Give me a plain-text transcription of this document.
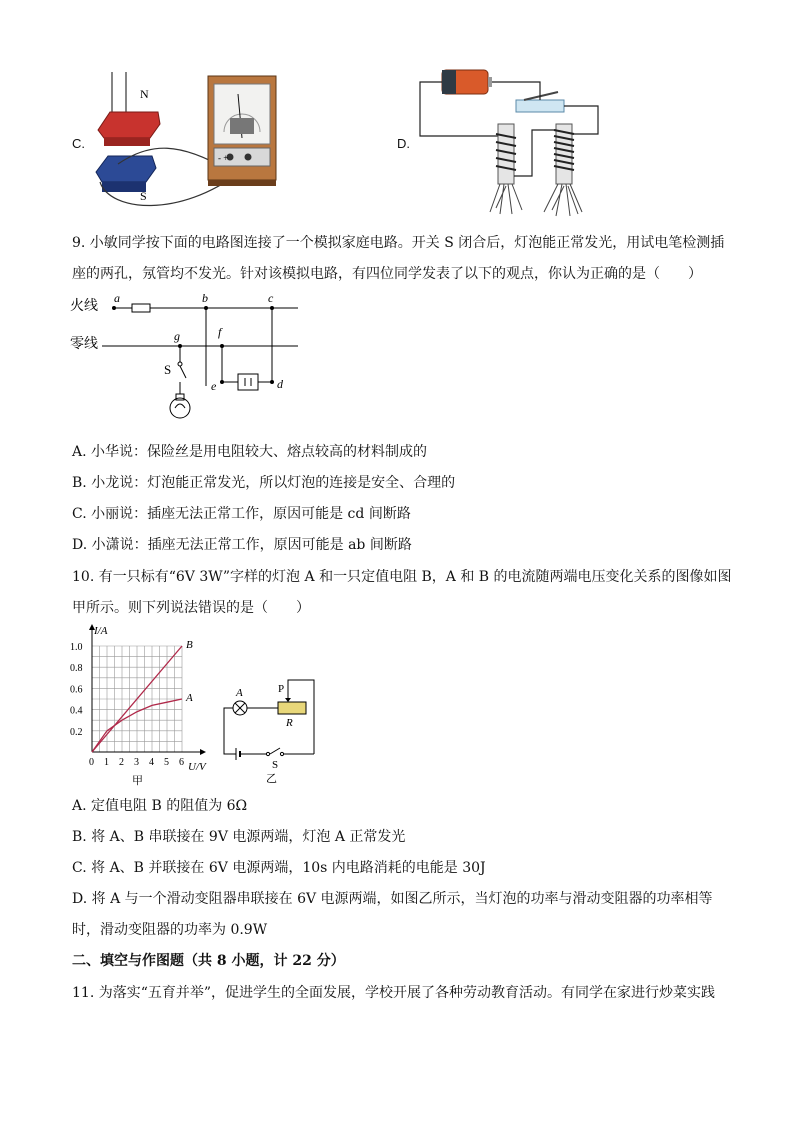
C.
N
S
- +
D.
9. 小敏同学按下面的电路图连接了一个模拟家庭电路。开关 S 闭合后，灯泡能正常发光，用试电笔检测插
座的两孔，氖管均不发光。针对该模拟电路，有四位同学发表了以下的观点，你认为正确的是（　　）
火线
零线
a	b	c
g	f
S
e	d
A. 小华说：保险丝是用电阻较大、熔点较高的材料制成的
B. 小龙说：灯泡能正常发光，所以灯泡的连接是安全、合理的
C. 小丽说：插座无法正常工作，原因可能是 cd 间断路
D. 小潇说：插座无法正常工作，原因可能是 ab 间断路
10. 有一只标有“6V 3W”字样的灯泡 A 和一只定值电阻 B，A 和 B 的电流随两端电压变化关系的图像如图
甲所示。则下列说法错误的是（　　）
B
A
0 1 2 3 4 5 6
0.2
0.4
0.6
0.8
1.0
I/A
U/V
甲
A
R
P
S
乙
A. 定值电阻 B 的阻值为 6Ω
B. 将 A、B 串联接在 9V 电源两端，灯泡 A 正常发光
C. 将 A、B 并联接在 6V 电源两端，10s 内电路消耗的电能是 30J
D. 将 A 与一个滑动变阻器串联接在 6V 电源两端，如图乙所示，当灯泡的功率与滑动变阻器的功率相等
时，滑动变阻器的功率为 0.9W
二、填空与作图题（共 8 小题，计 22 分）
11. 为落实“五育并举”，促进学生的全面发展，学校开展了各种劳动教育活动。有同学在家进行炒菜实践
